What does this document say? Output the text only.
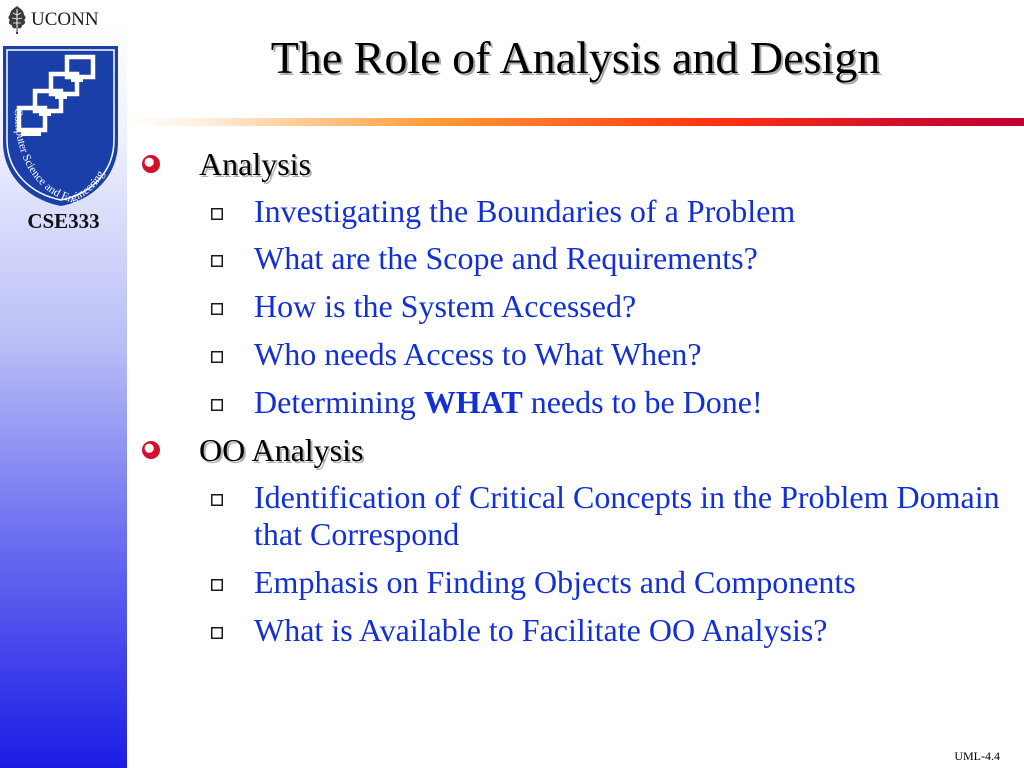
UCONN
Computer Science and Engineering
CSE333
The Role of Analysis and Design
Analysis
Investigating the Boundaries of a Problem
What are the Scope and Requirements?
How is the System Accessed?
Who needs Access to What When?
Determining WHAT needs to be Done!
OO Analysis
Identification of Critical Concepts in the Problem Domain that Correspond
Emphasis on Finding Objects and Components
What is Available to Facilitate OO Analysis?
UML-4.4
